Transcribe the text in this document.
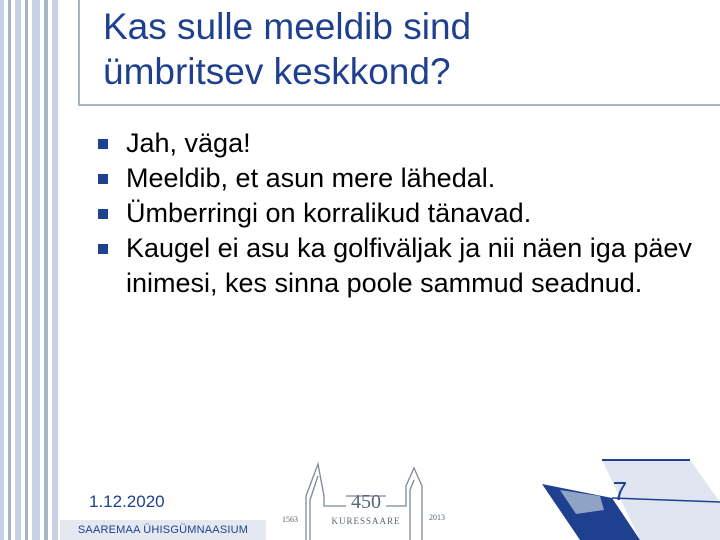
Kas sulle meeldib sind
ümbritsev keskkond?
Jah, väga!
Meeldib, et asun mere lähedal.
Ümberringi on korralikud tänavad.
Kaugel ei asu ka golfiväljak ja nii näen iga päev inimesi, kes sinna poole sammud seadnud.
1.12.2020
SAAREMAA ÜHISGÜMNAASIUM
450
KURESSAARE
1563	2013
7
